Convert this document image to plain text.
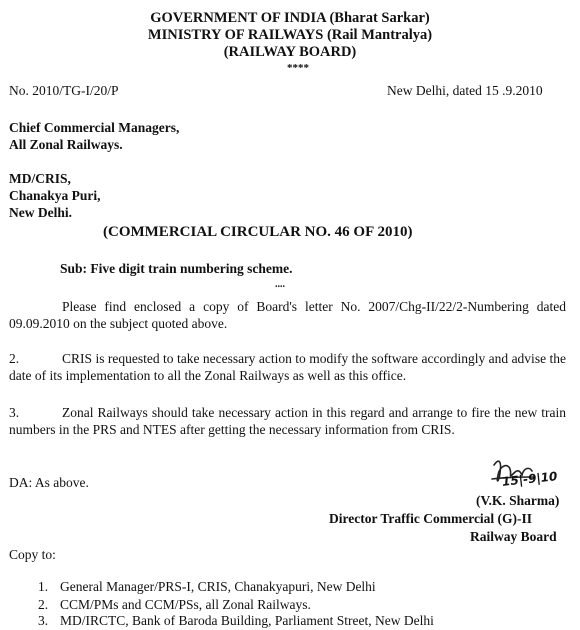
GOVERNMENT OF INDIA (Bharat Sarkar)
MINISTRY OF RAILWAYS (Rail Mantralya)
(RAILWAY BOARD)
****
No. 2010/TG-I/20/P	New Delhi, dated 15 .9.2010
Chief Commercial Managers,
All Zonal Railways.
MD/CRIS,
Chanakya Puri,
New Delhi.
(COMMERCIAL CIRCULAR NO. 46 OF 2010)
Sub: Five digit train numbering scheme.
....
Please find enclosed a copy of Board's letter No. 2007/Chg-II/22/2-Numbering dated 09.09.2010 on the subject quoted above.
2.	CRIS is requested to take necessary action to modify the software accordingly and advise the date of its implementation to all the Zonal Railways as well as this office.
3.	Zonal Railways should take necessary action in this regard and arrange to fire the new train numbers in the PRS and NTES after getting the necessary information from CRIS.
DA: As above.	15|-9|10
(V.K. Sharma)
Director Traffic Commercial (G)-II
Railway Board
Copy to:
1. General Manager/PRS-I, CRIS, Chanakyapuri, New Delhi
2. CCM/PMs and CCM/PSs, all Zonal Railways.
3. MD/IRCTC, Bank of Baroda Building, Parliament Street, New Delhi
